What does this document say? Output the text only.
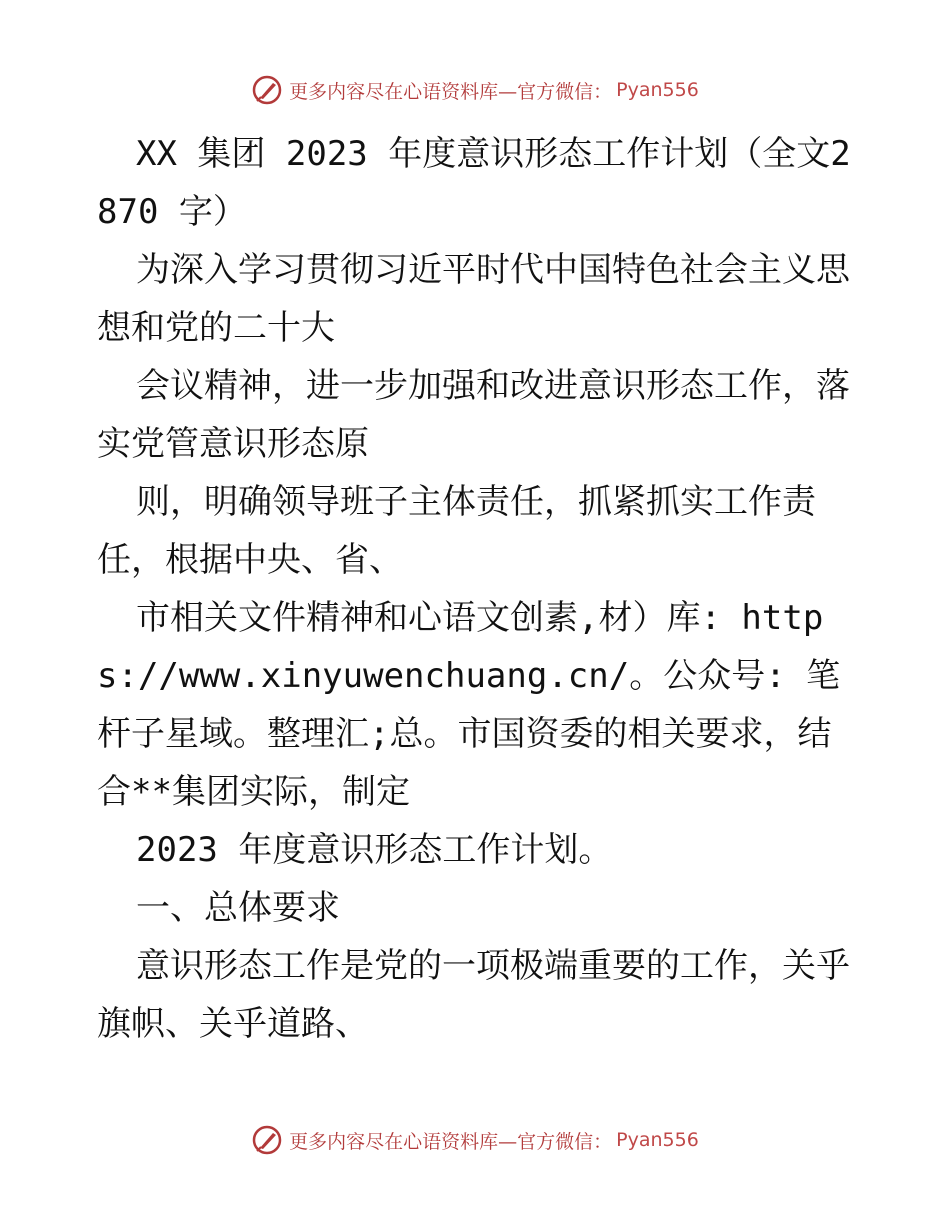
更多内容尽在心语资料库—官方微信： Pyan556

XX 集团 2023 年度意识形态工作计划（全文2870 字）

为深入学习贯彻习近平时代中国特色社会主义思想和党的二十大

会议精神，进一步加强和改进意识形态工作，落实党管意识形态原

则，明确领导班子主体责任，抓紧抓实工作责任，根据中央、省、

市相关文件精神和心语文创素,材）库: https://www.xinyuwenchuang.cn/。公众号: 笔杆子星域。整理汇;总。市国资委的相关要求，结合**集团实际，制定

2023 年度意识形态工作计划。

一、总体要求

意识形态工作是党的一项极端重要的工作，关乎旗帜、关乎道路、

更多内容尽在心语资料库—官方微信： Pyan556
